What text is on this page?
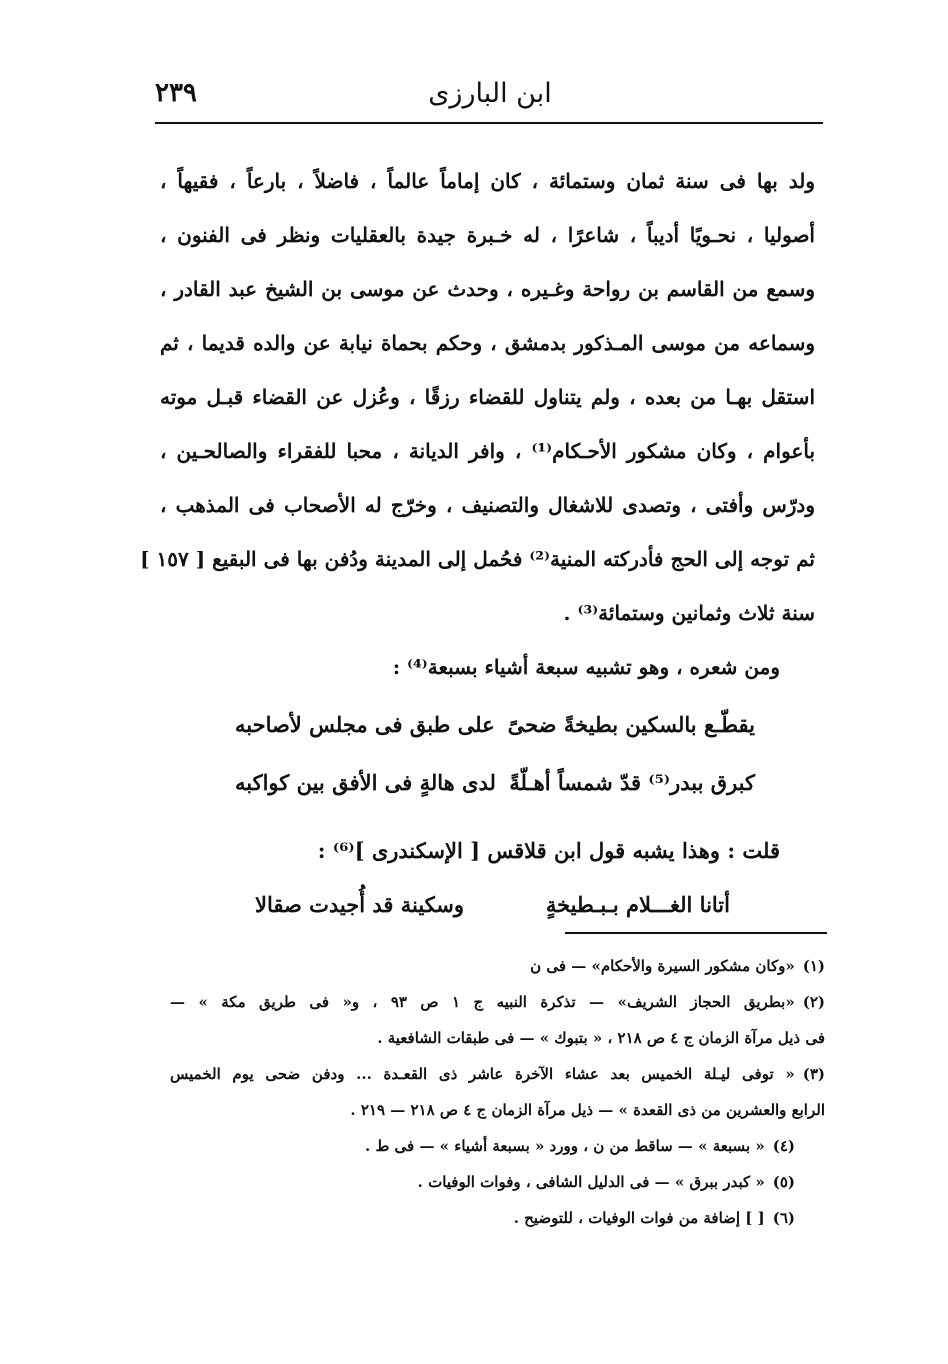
٢٣٩	ابن البارزى
ولد بها فى سنة ثمان وستمائة ، كان إماماً عالماً ، فاضلاً ، بارعاً ، فقيهاً ،
أصوليا ، نحـويًا أديباً ، شاعرًا ، له خـبرة جيدة بالعقليات ونظر فى الفنون ،
وسمع من القاسم بن رواحة وغـيره ، وحدث عن موسى بن الشيخ عبد القادر ،
وسماعه من موسى المـذكور بدمشق ، وحكم بحماة نيابة عن والده قديما ، ثم
استقل بهـا من بعده ، ولم يتناول للقضاء رزقًا ، وعُزل عن القضاء قبـل موته
بأعوام ، وكان مشكور الأحـكام⁽¹⁾ ، وافر الديانة ، محبا للفقراء والصالحـين ،
ودرّس وأفتى ، وتصدى للاشغال والتصنيف ، وخرّج له الأصحاب فى المذهب ،
ثم توجه إلى الحج فأدركته المنية⁽²⁾ فحُمل إلى المدينة ودُفن بها فى البقيع [ ١٥٧ ]
سنة ثلاث وثمانين وستمائة⁽³⁾ .
ومن شعره ، وهو تشبيه سبعة أشياء بسبعة⁽⁴⁾ :
يقطّـع بالسكين بطيخةً ضحىً
على طبق فى مجلس لأصاحبه
كبرق ببدر⁽⁵⁾ قدّ شمساً أهـلّةً
لدى هالةٍ فى الأفق بين كواكبه
قلت : وهذا يشبه قول ابن قلاقس [ الإسكندرى ]⁽⁶⁾ :
أتانا الغـــلام بـبـطيخةٍ
وسكينة قد أُجيدت صقالا
(١)«وكان مشكور السيرة والأحكام» — فى ن
(٢)«بطريق الحجاز الشريف» — تذكرة النبيه ج ١ ص ٩٣ ، و« فى طريق مكة » —
فى ذيل مرآة الزمان ج ٤ ص ٢١٨ ، « بتبوك » — فى طبقات الشافعية .
(٣)« توفى ليـلة الخميس بعد عشاء الآخرة عاشر ذى القعـدة ... ودفن ضحى يوم الخميس
الرابع والعشرين من ذى القعدة » — ذيل مرآة الزمان ج ٤ ص ٢١٨ — ٢١٩ .
(٤)« بسبعة » — ساقط من ن ، وورد « بسبعة أشياء » — فى ط .
(٥)« كبدر ببرق » — فى الدليل الشافى ، وفوات الوفيات .
(٦)[ ] إضافة من فوات الوفيات ، للتوضيح .
